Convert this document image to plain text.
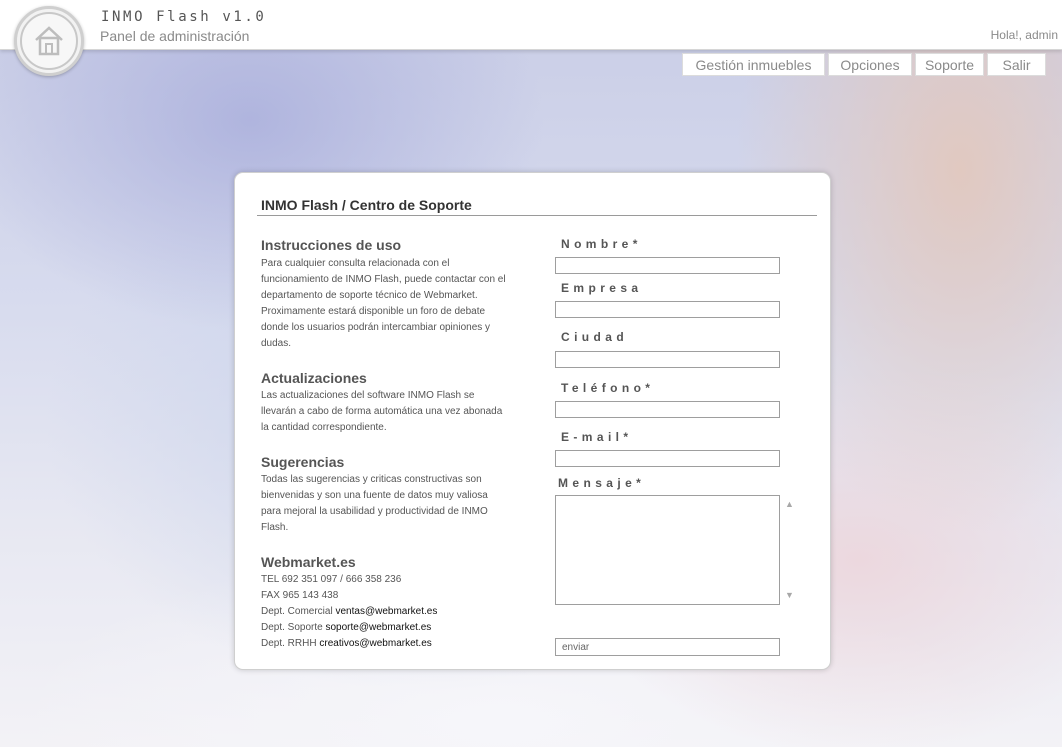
INMO Flash v1.0
Panel de administración	Hola!, admin
Gestión inmuebles	Opciones	Soporte	Salir
INMO Flash / Centro de Soporte
Instrucciones de uso
Para cualquier consulta relacionada con el funcionamiento de INMO Flash, puede contactar con el departamento de soporte técnico de Webmarket. Proximamente estará disponible un foro de debate donde los usuarios podrán intercambiar opiniones y dudas.
Actualizaciones
Las actualizaciones del software INMO Flash se llevarán a cabo de forma automática una vez abonada la cantidad correspondiente.
Sugerencias
Todas las sugerencias y criticas constructivas son bienvenidas y son una fuente de datos muy valiosa para mejoral la usabilidad y productividad de INMO Flash.
Webmarket.es
TEL 692 351 097 / 666 358 236
FAX 965 143 438
Dept. Comercial ventas@webmarket.es
Dept. Soporte soporte@webmarket.es
Dept. RRHH creativos@webmarket.es
Nombre*
Empresa
Ciudad
Teléfono*
E-mail*
Mensaje*
▲
▼
enviar
